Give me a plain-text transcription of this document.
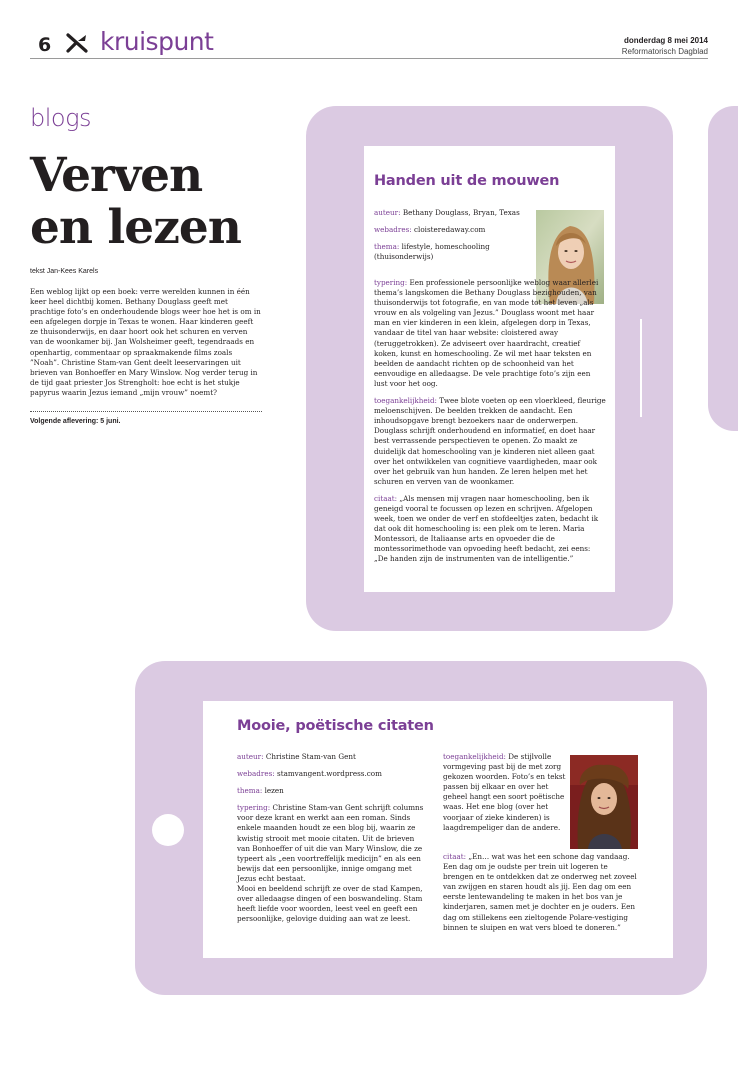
6 kruispunt	donderdag 8 mei 2014
Reformatorisch Dagblad
blogs
Verven
en lezen
tekst Jan-Kees Karels
Een weblog lijkt op een boek: verre werelden kunnen in één keer heel dichtbij komen. Bethany Douglass geeft met prachtige foto’s en onderhoudende blogs weer hoe het is om in een afgelegen dorpje in Texas te wonen. Haar kinderen geeft ze thuisonderwijs, en daar hoort ook het schuren en verven van de woonkamer bij. Jan Wolsheimer geeft, tegendraads en openhartig, commentaar op spraakmakende films zoals ”Noah”. Christine Stam-van Gent deelt leeservaringen uit brieven van Bonhoeffer en Mary Winslow. Nog verder terug in de tijd gaat priester Jos Strengholt: hoe echt is het stukje papyrus waarin Jezus iemand „mijn vrouw” noemt?
Volgende aflevering: 5 juni.
Handen uit de mouwen
auteur: Bethany Douglass, Bryan, Texas
webadres: cloisteredaway.com
thema: lifestyle, homeschooling (thuisonderwijs)
typering: Een professionele persoonlijke weblog waar allerlei thema’s langskomen die Bethany Douglass bezighouden, van thuisonderwijs tot fotografie, en van mode tot het leven „als vrouw en als volgeling van Jezus.” Douglass woont met haar man en vier kinderen in een klein, afgelegen dorp in Texas, vandaar de titel van haar website: cloistered away (teruggetrokken). Ze adviseert over haardracht, creatief koken, kunst en homeschooling. Ze wil met haar teksten en beelden de aandacht richten op de schoonheid van het eenvoudige en alledaagse. De vele prachtige foto’s zijn een lust voor het oog.
toegankelijkheid: Twee blote voeten op een vloerkleed, fleurige meloenschijven. De beelden trekken de aandacht. Een inhoudsopgave brengt bezoekers naar de onderwerpen. Douglass schrijft onderhoudend en informatief, en doet haar best verrassende perspectieven te openen. Zo maakt ze duidelijk dat homeschooling van je kinderen niet alleen gaat over het ontwikkelen van cognitieve vaardigheden, maar ook over het gebruik van hun handen. Ze leren helpen met het schuren en verven van de woonkamer.
citaat: „Als mensen mij vragen naar homeschooling, ben ik geneigd vooral te focussen op lezen en schrijven. Afgelopen week, toen we onder de verf en stofdeeltjes zaten, bedacht ik dat ook dit homeschooling is: een plek om te leren. Maria Montessori, de Italiaanse arts en opvoeder die de montessorimethode van opvoeding heeft bedacht, zei eens: „De handen zijn de instrumenten van de intelligentie.”
Mooie, poëtische citaten
auteur: Christine Stam-van Gent
webadres: stamvangent.wordpress.com
thema: lezen
typering: Christine Stam-van Gent schrijft columns voor deze krant en werkt aan een roman. Sinds enkele maanden houdt ze een blog bij, waarin ze kwistig strooit met mooie citaten. Uit de brieven van Bonhoeffer of uit die van Mary Winslow, die ze typeert als „een voortreffelijk medicijn” en als een bewijs dat een persoonlijke, innige omgang met Jezus echt bestaat.
Mooi en beeldend schrijft ze over de stad Kampen, over alledaagse dingen of een boswandeling. Stam heeft liefde voor woorden, leest veel en geeft een persoonlijke, gelovige duiding aan wat ze leest.
toegankelijkheid: De stijlvolle vormgeving past bij de met zorg gekozen woorden. Foto’s en tekst passen bij elkaar en over het geheel hangt een soort poëtische waas. Het ene blog (over het voorjaar of zieke kinderen) is laagdrempeliger dan de andere.
citaat: „En… wat was het een schone dag vandaag. Een dag om je oudste per trein uit logeren te brengen en te ontdekken dat ze onderweg net zoveel van zwijgen en staren houdt als jij. Een dag om een eerste lentewandeling te maken in het bos van je kinderjaren, samen met je dochter en je ouders. Een dag om stillekens een zieltogende Polare-vestiging binnen te sluipen en wat vers bloed te doneren.”
